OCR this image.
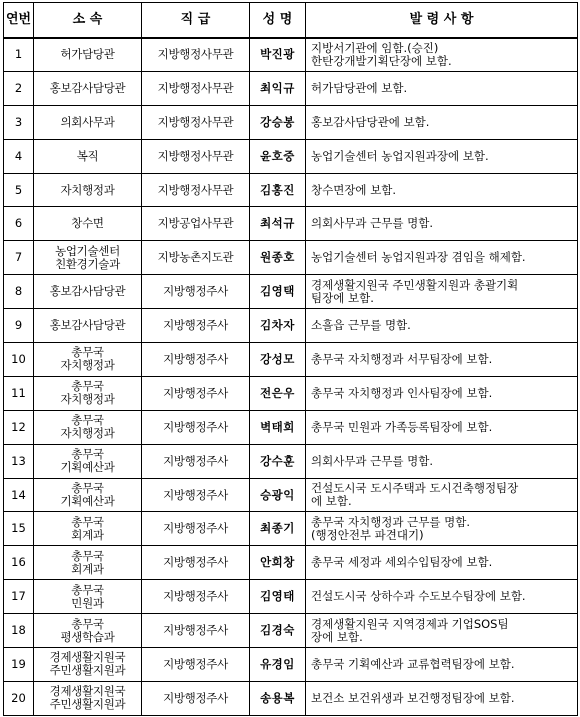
연번	소 속	직 급	성 명	발 령 사 항
1	허가담당관	지방행정사무관	박진광	지방서기관에 임함.(승진)
한탄강개발기획단장에 보함.

2	홍보감사담당관	지방행정사무관	최익규	허가담당관에 보함.

3	의회사무과	지방행정사무관	강승봉	홍보감사담당관에 보함.

4	복직	지방행정사무관	윤호중	농업기술센터 농업지원과장에 보함.

5	자치행정과	지방행정사무관	김홍진	창수면장에 보함.

6	창수면	지방공업사무관	최석규	의회사무과 근무를 명함.

7	농업기술센터
친환경기술과	지방농촌지도관	원종호	농업기술센터 농업지원과장 겸임을 해제함.

8	홍보감사담당관	지방행정주사	김영택	경제생활지원국 주민생활지원과 총괄기획
팀장에 보함.

9	홍보감사담당관	지방행정주사	김차자	소흘읍 근무를 명함.

10	총무국
자치행정과	지방행정주사	강성모	총무국 자치행정과 서무팀장에 보함.

11	총무국
자치행정과	지방행정주사	전은우	총무국 자치행정과 인사팀장에 보함.

12	총무국
자치행정과	지방행정주사	벽태희	총무국 민원과 가족등록팀장에 보함.

13	총무국
기획예산과	지방행정주사	강수훈	의회사무과 근무를 명함.

14	총무국
기획예산과	지방행정주사	승광익	건설도시국 도시주택과 도시건축행정팀장
에 보함.

15	총무국
회계과	지방행정주사	최종기	총무국 자치행정과 근무를 명함.
(행정안전부 파견대기)

16	총무국
회계과	지방행정주사	안희창	총무국 세정과 세외수입팀장에 보함.

17	총무국
민원과	지방행정주사	김영태	건설도시국 상하수과 수도보수팀장에 보함.

18	총무국
평생학습과	지방행정주사	김경숙	경제생활지원국 지역경제과 기업SOS팀
장에 보함.

19	경제생활지원국
주민생활지원과	지방행정주사	유경임	총무국 기획예산과 교류협력팀장에 보함.

20	경제생활지원국
주민생활지원과	지방행정주사	송용복	보건소 보건위생과 보건행정팀장에 보함.
